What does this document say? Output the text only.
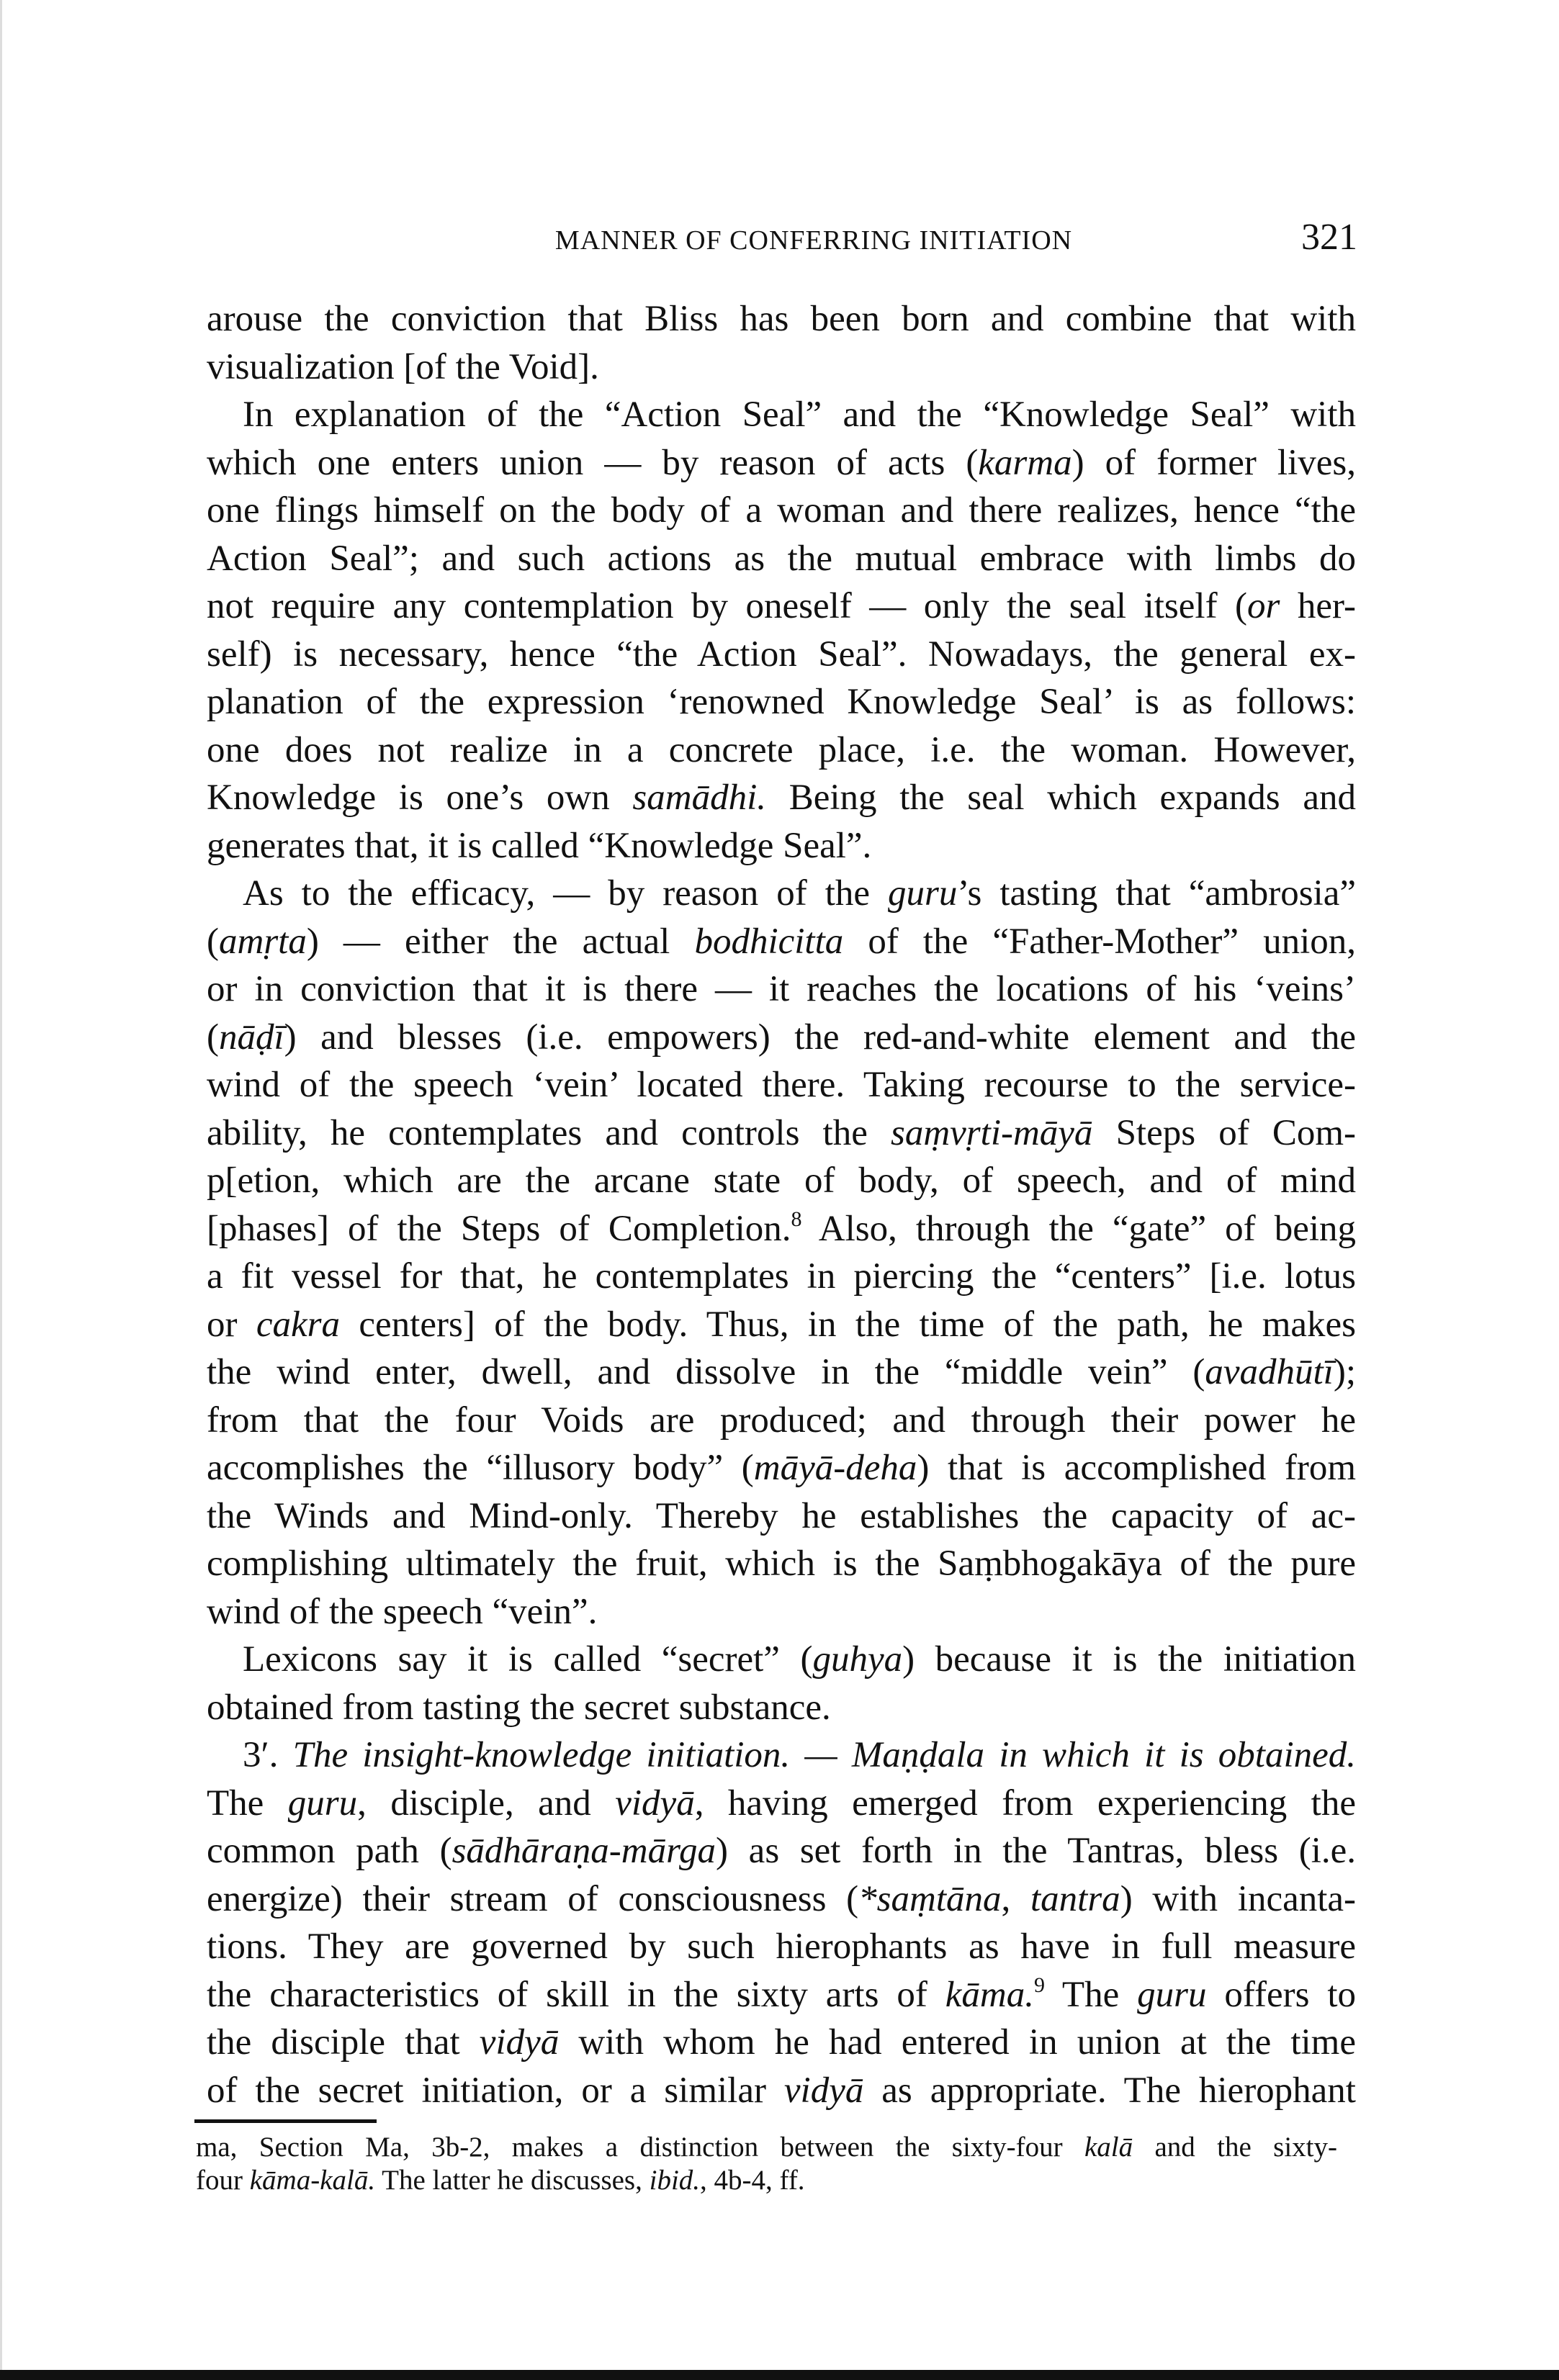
MANNER OF CONFERRING INITIATION	321
arouse the conviction that Bliss has been born and combine that with
visualization [of the Void].
In explanation of the “Action Seal” and the “Knowledge Seal” with
which one enters union — by reason of acts (karma) of former lives,
one flings himself on the body of a woman and there realizes, hence “the
Action Seal”; and such actions as the mutual embrace with limbs do
not require any contemplation by oneself — only the seal itself (or her-
self) is necessary, hence “the Action Seal”. Nowadays, the general ex-
planation of the expression ‘renowned Knowledge Seal’ is as follows:
one does not realize in a concrete place, i.e. the woman. However,
Knowledge is one’s own samādhi. Being the seal which expands and
generates that, it is called “Knowledge Seal”.
As to the efficacy, — by reason of the guru’s tasting that “ambrosia”
(amṛta) — either the actual bodhicitta of the “Father-Mother” union,
or in conviction that it is there — it reaches the locations of his ‘veins’
(nāḍī) and blesses (i.e. empowers) the red-and-white element and the
wind of the speech ‘vein’ located there. Taking recourse to the service-
ability, he contemplates and controls the saṃvṛti-māyā Steps of Com-
p[etion, which are the arcane state of body, of speech, and of mind
[phases] of the Steps of Completion.$^8$ Also, through the “gate” of being
a fit vessel for that, he contemplates in piercing the “centers” [i.e. lotus
or cakra centers] of the body. Thus, in the time of the path, he makes
the wind enter, dwell, and dissolve in the “middle vein” (avadhūtī);
from that the four Voids are produced; and through their power he
accomplishes the “illusory body” (māyā-deha) that is accomplished from
the Winds and Mind-only. Thereby he establishes the capacity of ac-
complishing ultimately the fruit, which is the Saṃbhogakāya of the pure
wind of the speech “vein”.
Lexicons say it is called “secret” (guhya) because it is the initiation
obtained from tasting the secret substance.
3′. The insight-knowledge initiation. — Maṇḍala in which it is obtained.
The guru, disciple, and vidyā, having emerged from experiencing the
common path (sādhāraṇa-mārga) as set forth in the Tantras, bless (i.e.
energize) their stream of consciousness (*saṃtāna, tantra) with incanta-
tions. They are governed by such hierophants as have in full measure
the characteristics of skill in the sixty arts of kāma.$^9$ The guru offers to
the disciple that vidyā with whom he had entered in union at the time
of the secret initiation, or a similar vidyā as appropriate. The hierophant
ma, Section Ma, 3b-2, makes a distinction between the sixty-four kalā and the sixty-
four kāma-kalā. The latter he discusses, ibid., 4b-4, ff.
